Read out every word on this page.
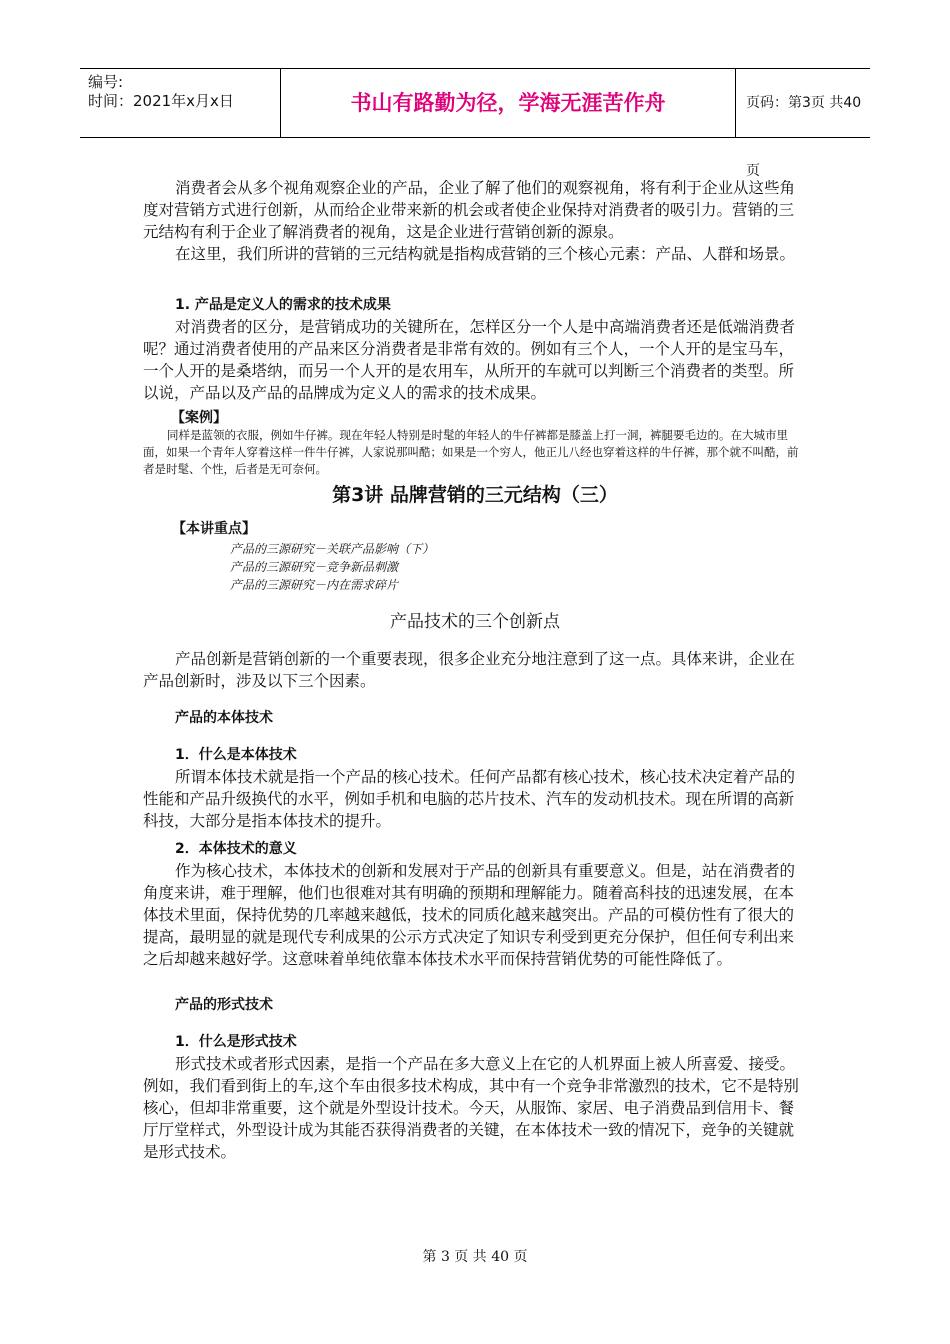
编号:
时间：2021年x月x日	书山有路勤为径，学海无涯苦作舟	页码：第3页 共40页

消费者会从多个视角观察企业的产品，企业了解了他们的观察视角，将有利于企业从这些角度对营销方式进行创新，从而给企业带来新的机会或者使企业保持对消费者的吸引力。营销的三元结构有利于企业了解消费者的视角，这是企业进行营销创新的源泉。

在这里，我们所讲的营销的三元结构就是指构成营销的三个核心元素：产品、人群和场景。

1. 产品是定义人的需求的技术成果

对消费者的区分，是营销成功的关键所在，怎样区分一个人是中高端消费者还是低端消费者呢？通过消费者使用的产品来区分消费者是非常有效的。例如有三个人，一个人开的是宝马车，一个人开的是桑塔纳，而另一个人开的是农用车，从所开的车就可以判断三个消费者的类型。所以说，产品以及产品的品牌成为定义人的需求的技术成果。

【案例】

同样是蓝领的衣服，例如牛仔裤。现在年轻人特别是时髦的年轻人的牛仔裤都是膝盖上打一洞，裤腿要毛边的。在大城市里面，如果一个青年人穿着这样一件牛仔裤，人家说那叫酷；如果是一个穷人，他正儿八经也穿着这样的牛仔裤，那个就不叫酷，前者是时髦、个性，后者是无可奈何。

第3讲 品牌营销的三元结构（三）
【本讲重点】
产品的三源研究－关联产品影响（下）
产品的三源研究－竞争新品刺激
产品的三源研究－内在需求碎片
产品技术的三个创新点

产品创新是营销创新的一个重要表现，很多企业充分地注意到了这一点。具体来讲，企业在产品创新时，涉及以下三个因素。

产品的本体技术
1．什么是本体技术

所谓本体技术就是指一个产品的核心技术。任何产品都有核心技术，核心技术决定着产品的性能和产品升级换代的水平，例如手机和电脑的芯片技术、汽车的发动机技术。现在所谓的高新科技，大部分是指本体技术的提升。

2．本体技术的意义

作为核心技术，本体技术的创新和发展对于产品的创新具有重要意义。但是，站在消费者的角度来讲，难于理解，他们也很难对其有明确的预期和理解能力。随着高科技的迅速发展，在本体技术里面，保持优势的几率越来越低，技术的同质化越来越突出。产品的可模仿性有了很大的提高，最明显的就是现代专利成果的公示方式决定了知识专利受到更充分保护，但任何专利出来之后却越来越好学。这意味着单纯依靠本体技术水平而保持营销优势的可能性降低了。

产品的形式技术
1．什么是形式技术

形式技术或者形式因素，是指一个产品在多大意义上在它的人机界面上被人所喜爱、接受。例如，我们看到街上的车,这个车由很多技术构成，其中有一个竞争非常激烈的技术，它不是特别核心，但却非常重要，这个就是外型设计技术。今天，从服饰、家居、电子消费品到信用卡、餐厅厅堂样式，外型设计成为其能否获得消费者的关键，在本体技术一致的情况下，竞争的关键就是形式技术。

第 3 页 共 40 页
